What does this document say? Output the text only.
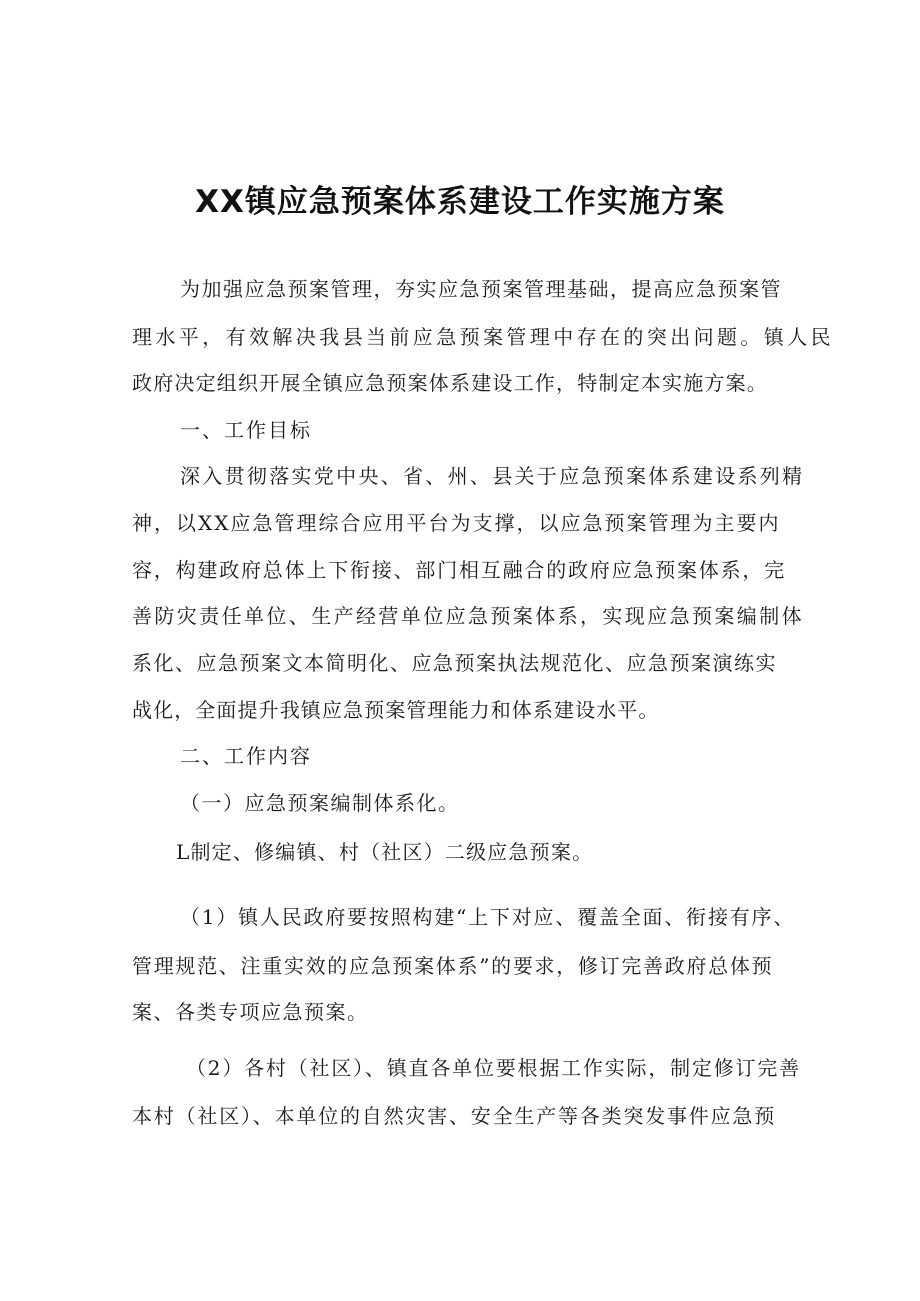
XX镇应急预案体系建设工作实施方案

为加强应急预案管理，夯实应急预案管理基础，提高应急预案管

理水平，有效解决我县当前应急预案管理中存在的突出问题。镇人民

政府决定组织开展全镇应急预案体系建设工作，特制定本实施方案。

一、工作目标

深入贯彻落实党中央、省、州、县关于应急预案体系建设系列精

神，以XX应急管理综合应用平台为支撑，以应急预案管理为主要内

容，构建政府总体上下衔接、部门相互融合的政府应急预案体系，完

善防灾责任单位、生产经营单位应急预案体系，实现应急预案编制体

系化、应急预案文本简明化、应急预案执法规范化、应急预案演练实

战化，全面提升我镇应急预案管理能力和体系建设水平。

二、工作内容

（一）应急预案编制体系化。

L制定、修编镇、村（社区）二级应急预案。

（1）镇人民政府要按照构建“上下对应、覆盖全面、衔接有序、

管理规范、注重实效的应急预案体系”的要求，修订完善政府总体预

案、各类专项应急预案。

（2）各村（社区）、镇直各单位要根据工作实际，制定修订完善

本村（社区）、本单位的自然灾害、安全生产等各类突发事件应急预
